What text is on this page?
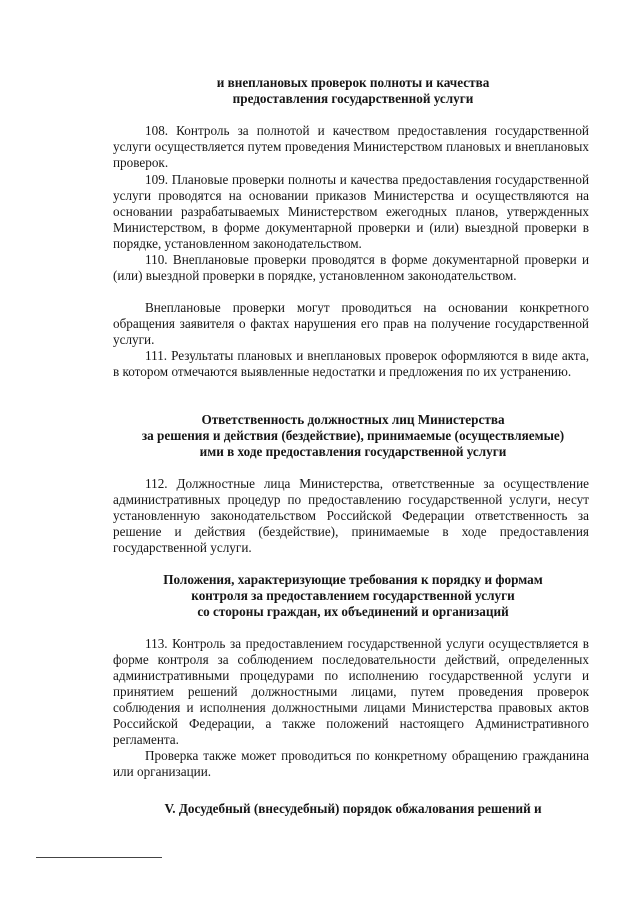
и внеплановых проверок полноты и качества
предоставления государственной услуги

108. Контроль за полнотой и качеством предоставления государственной услуги осуществляется путем проведения Министерством плановых и внеплановых проверок.

109. Плановые проверки полноты и качества предоставления государственной услуги проводятся на основании приказов Министерства и осуществляются на основании разрабатываемых Министерством ежегодных планов, утвержденных Министерством, в форме документарной проверки и (или) выездной проверки в порядке, установленном законодательством.

110. Внеплановые проверки проводятся в форме документарной проверки и (или) выездной проверки в порядке, установленном законодательством.

Внеплановые проверки могут проводиться на основании конкретного обращения заявителя о фактах нарушения его прав на получение государственной услуги.

111. Результаты плановых и внеплановых проверок оформляются в виде акта, в котором отмечаются выявленные недостатки и предложения по их устранению.

Ответственность должностных лиц Министерства
за решения и действия (бездействие), принимаемые (осуществляемые)
ими в ходе предоставления государственной услуги

112. Должностные лица Министерства, ответственные за осуществление административных процедур по предоставлению государственной услуги, несут установленную законодательством Российской Федерации ответственность за решение и действия (бездействие), принимаемые в ходе предоставления государственной услуги.

Положения, характеризующие требования к порядку и формам
контроля за предоставлением государственной услуги
со стороны граждан, их объединений и организаций

113. Контроль за предоставлением государственной услуги осуществляется в форме контроля за соблюдением последовательности действий, определенных административными процедурами по исполнению государственной услуги и принятием решений должностными лицами, путем проведения проверок соблюдения и исполнения должностными лицами Министерства правовых актов Российской Федерации, а также положений настоящего Административного регламента.

Проверка также может проводиться по конкретному обращению гражданина или организации.

V. Досудебный (внесудебный) порядок обжалования решений и
